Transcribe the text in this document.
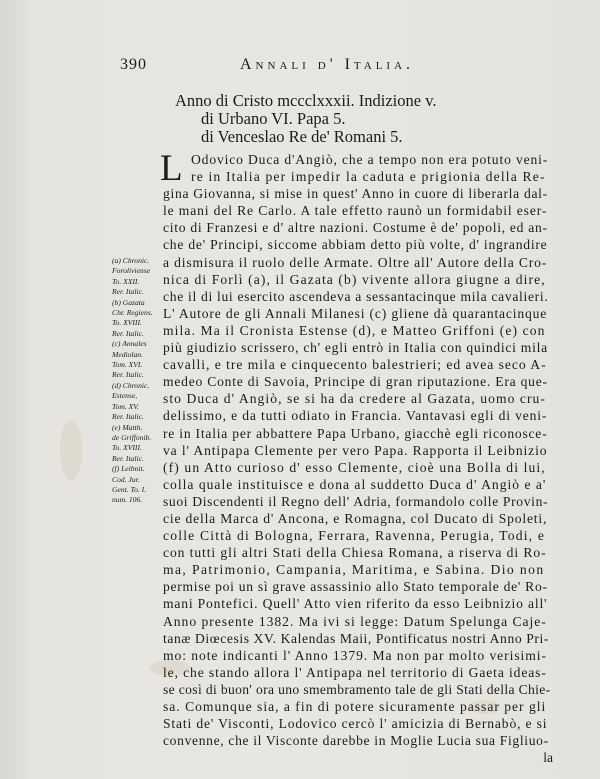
390	Annali d' Italia.
Anno di Cristo mccclxxxii. Indizione v.
di Urbano VI. Papa 5.
di Venceslao Re de' Romani 5.
(a) Chronic.
Foroliviense
To. XXII.
Rer. Italic.
(b) Gazata
Chr. Regiens.
To. XVIII.
Rer. Italic.
(c) Annales
Mediolan.
Tom. XVI.
Rer. Italic.
(d) Chronic.
Estense,
Tom. XV.
Rer. Italic.
(e) Matth.
de Griffonib.
To. XVIII.
Rer. Italic.
(f) Leibnit.
Cod. Jur.
Gent. To. I.
num. 106.
L Odovico Duca d'Angiò, che a tempo non era potuto veni-
re in Italia per impedir la caduta e prigionia della Re-
gina Giovanna, si mise in quest' Anno in cuore di liberarla dal-
le mani del Re Carlo. A tale effetto raunò un formidabil eser-
cito di Franzesi e d' altre nazioni. Costume è de' popoli, ed an-
che de' Principi, siccome abbiam detto più volte, d' ingrandire
a dismisura il ruolo delle Armate. Oltre all' Autore della Cro-
nica di Forlì (a), il Gazata (b) vivente allora giugne a dire,
che il di lui esercito ascendeva a sessantacinque mila cavalieri.
L' Autore de gli Annali Milanesi (c) gliene dà quarantacinque
mila. Ma il Cronista Estense (d), e Matteo Griffoni (e) con
più giudizio scrissero, ch' egli entrò in Italia con quindici mila
cavalli, e tre mila e cinquecento balestrieri; ed avea seco A-
medeo Conte di Savoia, Principe di gran riputazione. Era que-
sto Duca d' Angiò, se si ha da credere al Gazata, uomo cru-
delissimo, e da tutti odiato in Francia. Vantavasi egli di veni-
re in Italia per abbattere Papa Urbano, giacchè egli riconosce-
va l' Antipapa Clemente per vero Papa. Rapporta il Leibnizio
(f) un Atto curioso d' esso Clemente, cioè una Bolla di lui,
colla quale instituisce e dona al suddetto Duca d' Angiò e a'
suoi Discendenti il Regno dell' Adria, formandolo colle Provin-
cie della Marca d' Ancona, e Romagna, col Ducato di Spoleti,
colle Città di Bologna, Ferrara, Ravenna, Perugia, Todi, e
con tutti gli altri Stati della Chiesa Romana, a riserva di Ro-
ma, Patrimonio, Campania, Maritima, e Sabina. Dio non
permise poi un sì grave assassinio allo Stato temporale de' Ro-
mani Pontefici. Quell' Atto vien riferito da esso Leibnizio all'
Anno presente 1382. Ma ivi si legge: Datum Spelunga Caje-
tanæ Diœcesis XV. Kalendas Maii, Pontificatus nostri Anno Pri-
mo: note indicanti l' Anno 1379. Ma non par molto verisimi-
le, che stando allora l' Antipapa nel territorio di Gaeta ideas-
se così di buon' ora uno smembramento tale de gli Stati della Chie-
sa. Comunque sia, a fin di potere sicuramente passar per gli
Stati de' Visconti, Lodovico cercò l' amicizia di Bernabò, e si
convenne, che il Visconte darebbe in Moglie Lucia sua Figliuo-
la
